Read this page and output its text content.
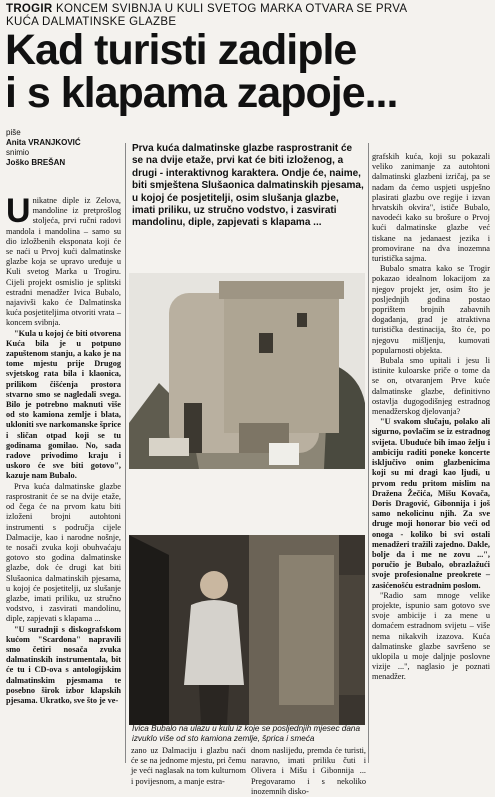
TROGIR KONCEM SVIBNJA U KULI SVETOG MARKA OTVARA SE PRVA KUĆA DALMATINSKE GLAZBE
Kad turisti zadiple
i s klapama zapoje...
piše
Anita VRANJKOVIĆ
snimio
Joško BREŠAN
Prva kuća dalmatinske glazbe rasprostranit će se na dvije etaže, prvi kat će biti izloženog, a drugi - interaktivnog karaktera. Ondje će, naime, biti smještena Slušaonica dalmatinskih pjesama, u kojoj će posjetitelji, osim slušanja glazbe, imati priliku, uz stručno vodstvo, i zasvirati mandolinu, diple, zapjevati s klapama ...

Unikatne diple iz Zelova, mandoline iz pretprošlog stoljeća, prvi ručni radovi mandola i mandolina – samo su dio izložbenih eksponata koji će se naći u Prvoj kući dalmatinske glazbe koja se upravo uređuje u Kuli svetog Marka u Trogiru. Cijeli projekt osmislio je splitski estradni menadžer Ivica Bubalo, najavivši kako će Dalmatinska kuća posjetiteljima otvoriti vrata – koncem svibnja.

"Kula u kojoj će biti otvorena Kuća bila je u potpuno zapuštenom stanju, a kako je na tome mjestu prije Drugog svjetskog rata bila i klaonica, prilikom čišćenja prostora stvarno smo se nagledali svega. Bilo je potrebno maknuti više od sto kamiona zemlje i blata, ukloniti sve narkomanske šprice i sličan otpad koji se tu godinama gomilao. No, sada radove privodimo kraju i uskoro će sve biti gotovo", kazuje nam Bubalo.

Prva kuća dalmatinske glazbe rasprostranit će se na dvije etaže, od čega će na prvom katu biti izloženi brojni autohtoni instrumenti s područja cijele Dalmacije, kao i narodne nošnje, te nosači zvuka koji obuhvaćaju gotovo sto godina dalmatinske glazbe, dok će drugi kat biti Slušaonica dalmatinskih pjesama, u kojoj će posjetitelji, uz slušanje glazbe, imati priliku, uz stručno vodstvo, i zasvirati mandolinu, diple, zapjevati s klapama ...

"U suradnji s diskografskom kućom "Scardona" napravili smo četiri nosača zvuka dalmatinskih instrumentala, bit će tu i CD-ova s antologijskim dalmatinskim pjesmama te posebno širok izbor klapskih pjesama. Ukratko, sve što je ve-

Ivica Bubalo na ulazu u kulu iz koje se posljednjih mjesec dana izvuklo više od sto kamiona zemlje, šprica i smeća
zano uz Dalmaciju i glazbu naći će se na jednome mjestu, pri čemu je veći naglasak na tom kulturnom i povijesnom, a manje estra-
dnom naslijeđu, premda će turisti, naravno, imati priliku čuti i Olivera i Mišu i Gibonnija ... Pregovaramo i s nekoliko inozemnih disko-

grafskih kuća, koji su pokazali veliko zanimanje za autohtoni dalmatinski glazbeni izričaj, pa se nadam da ćemo uspjeti uspješno plasirati glazbu ove regije i izvan hrvatskih okvira", ističe Bubalo, navodeći kako su brošure o Prvoj kući dalmatinske glazbe već tiskane na jedanaest jezika i promovirane na dva inozemna turistička sajma.

Bubalo smatra kako se Trogir pokazao idealnom lokacijom za njegov projekt jer, osim što je posljednjih godina postao poprištem brojnih zabavnih događanja, grad je atraktivna turistička destinacija, što će, po njegovu mišljenju, kumovati popularnosti objekta.

Bubala smo upitali i jesu li istinite kuloarske priče o tome da se on, otvaranjem Prve kuće dalmatinske glazbe, definitivno ostavlja dugogodišnjeg estradnog menadžerskog djelovanja?

"U svakom slučaju, polako ali sigurno, povlačim se iz estradnog svijeta. Ubuduće bih imao želju i ambiciju raditi poneke koncerte isključivo onim glazbenicima koji su mi dragi kao ljudi, u prvom redu pritom mislim na Dražena Žečića, Mišu Kovača, Doris Dragović, Gibonnija i još samo nekolicinu njih. Za sve druge moji honorar bio veći od onoga - koliko bi svi ostali menadžeri tražili zajedno. Dakle, bolje da i me ne zovu ...", poručio je Bubalo, obrazlažući svoje profesionalne preokrete – zasićenošću estradnim poslom.

"Radio sam mnoge velike projekte, ispunio sam gotovo sve svoje ambicije i za mene u domaćem estradnom svijetu – više nema nikakvih izazova. Kuća dalmatinske glazbe savršeno se uklopila u moje daljnje poslovne vizije ...", naglasio je poznati menadžer.
